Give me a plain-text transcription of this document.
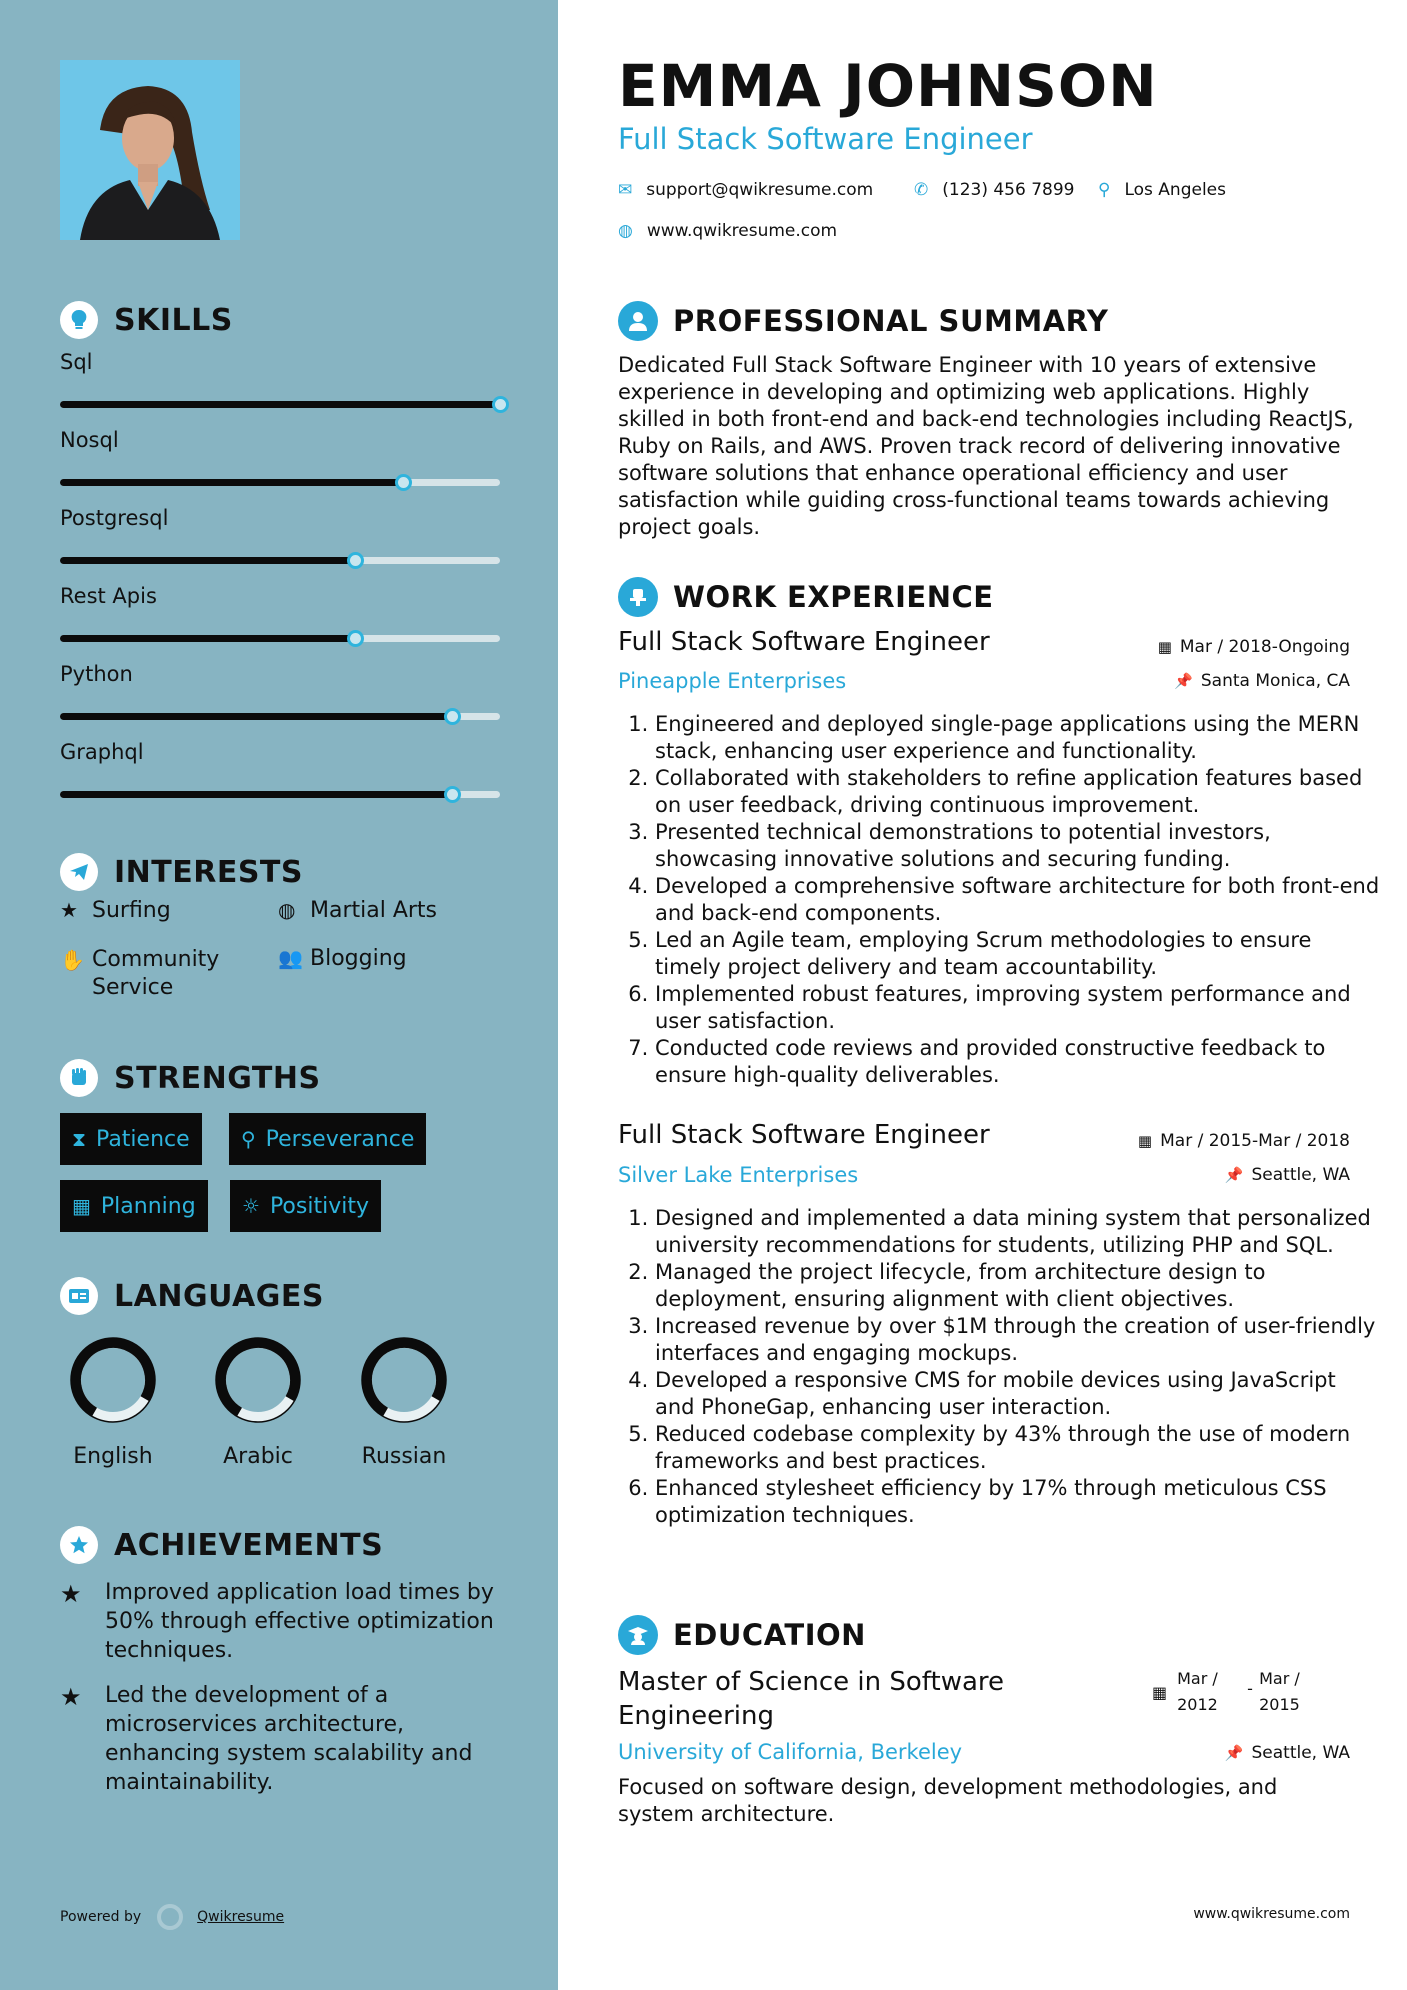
SKILLS
Sql
Nosql
Postgresql
Rest Apis
Python
Graphql
INTERESTS
★ Surfing	◍ Martial Arts
✋ Community Service
👥 Blogging
STRENGTHS
⧗ Patience	⚲ Perseverance
▦ Planning ☼ Positivity
LANGUAGES
English	Arabic	Russian
ACHIEVEMENTS
★	Improved application load times by 50% through effective optimization techniques.
★	Led the development of a microservices architecture, enhancing system scalability and maintainability.
Powered by	Qwikresume
EMMA JOHNSON
Full Stack Software Engineer
✉ support@qwikresume.com ✆ (123) 456 7899 ⚲ Los Angeles
◍ www.qwikresume.com
PROFESSIONAL SUMMARY
Dedicated Full Stack Software Engineer with 10 years of extensive experience in developing and optimizing web applications. Highly skilled in both front-end and back-end technologies including ReactJS, Ruby on Rails, and AWS. Proven track record of delivering innovative software solutions that enhance operational efficiency and user satisfaction while guiding cross-functional teams towards achieving project goals.
WORK EXPERIENCE
Full Stack Software Engineer
Pineapple Enterprises
▦ Mar / 2018-Ongoing
📌 Santa Monica, CA
1. Engineered and deployed single-page applications using the MERN stack, enhancing user experience and functionality.
2. Collaborated with stakeholders to refine application features based on user feedback, driving continuous improvement.
3. Presented technical demonstrations to potential investors, showcasing innovative solutions and securing funding.
4. Developed a comprehensive software architecture for both front-end and back-end components.
5. Led an Agile team, employing Scrum methodologies to ensure timely project delivery and team accountability.
6. Implemented robust features, improving system performance and user satisfaction.
7. Conducted code reviews and provided constructive feedback to ensure high-quality deliverables.
Full Stack Software Engineer
Silver Lake Enterprises
▦ Mar / 2015-Mar / 2018
📌 Seattle, WA
1. Designed and implemented a data mining system that personalized university recommendations for students, utilizing PHP and SQL.
2. Managed the project lifecycle, from architecture design to deployment, ensuring alignment with client objectives.
3. Increased revenue by over $1M through the creation of user-friendly interfaces and engaging mockups.
4. Developed a responsive CMS for mobile devices using JavaScript and PhoneGap, enhancing user interaction.
5. Reduced codebase complexity by 43% through the use of modern frameworks and best practices.
6. Enhanced stylesheet efficiency by 17% through meticulous CSS optimization techniques.
EDUCATION
Master of Science in Software Engineering
University of California, Berkeley
▦
Mar / 2012
-
Mar / 2015
📌 Seattle, WA
Focused on software design, development methodologies, and system architecture.
www.qwikresume.com
